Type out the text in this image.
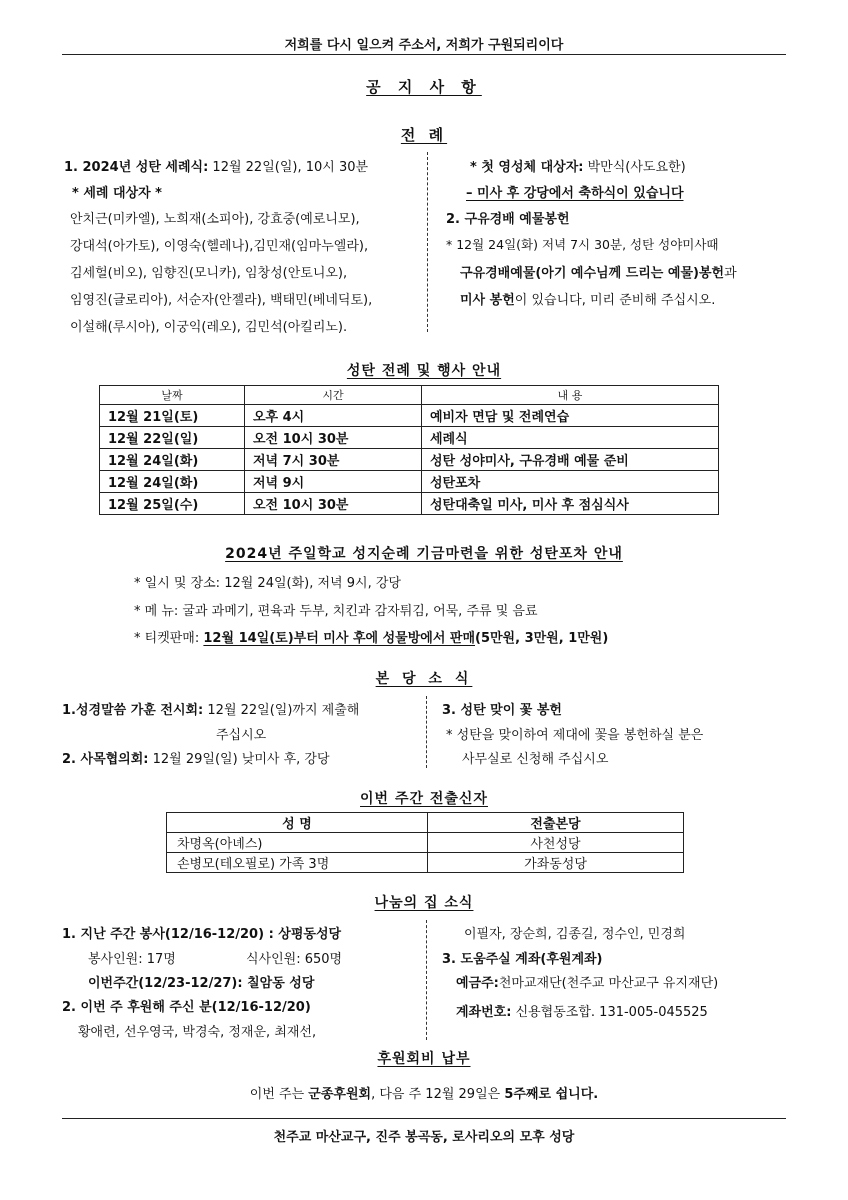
저희를 다시 일으켜 주소서, 저희가 구원되리이다
공 지 사 항
전 례
1. 2024년 성탄 세례식: 12월 22일(일), 10시 30분
* 세례 대상자 *
안치근(미카엘), 노희재(소피아), 강효중(예로니모),
강대석(아가토), 이영숙(헬레나),김민재(임마누엘라),
김세헐(비오), 임향진(모니카), 임창성(안토니오),
임영진(글로리아), 서순자(안젤라), 백태민(베네딕토),
이설해(루시아), 이궁익(레오), 김민석(아킬리노).
* 첫 영성체 대상자: 박만식(사도요한)
– 미사 후 강당에서 축하식이 있습니다
2. 구유경배 예물봉헌
* 12월 24일(화) 저녁 7시 30분, 성탄 성야미사때
구유경배예물(아기 예수님께 드리는 예물)봉헌과
미사 봉헌이 있습니다, 미리 준비해 주십시오.
성탄 전례 및 행사 안내
날짜	시간	내 용
12월 21일(토)	오후 4시	예비자 면담 및 전례연습
12월 22일(일)	오전 10시 30분	세례식
12월 24일(화)	저녁 7시 30분	성탄 성야미사, 구유경배 예물 준비
12월 24일(화)	저녁 9시	성탄포차
12월 25일(수)	오전 10시 30분	성탄대축일 미사, 미사 후 점심식사
2024년 주일학교 성지순례 기금마련을 위한 성탄포차 안내
* 일시 및 장소: 12월 24일(화), 저녁 9시, 강당
* 메 뉴: 굴과 과메기, 편육과 두부, 치킨과 감자튀김, 어묵, 주류 및 음료
* 티켓판매: 12월 14일(토)부터 미사 후에 성물방에서 판매(5만원, 3만원, 1만원)
본 당 소 식
1.성경말씀 가훈 전시회: 12월 22일(일)까지 제출해
주십시오
2. 사목협의회: 12월 29일(일) 낮미사 후, 강당
3. 성탄 맞이 꽃 봉헌
* 성탄을 맞이하여 제대에 꽃을 봉헌하실 분은
사무실로 신청해 주십시오
이번 주간 전출신자
성 명	전출본당
차명옥(아녜스)	사천성당
손병모(테오필로) 가족 3명	가좌동성당
나눔의 집 소식
1. 지난 주간 봉사(12/16-12/20) : 상평동성당
봉사인원: 17명	식사인원: 650명
이번주간(12/23-12/27): 칠암동 성당
2. 이번 주 후원해 주신 분(12/16-12/20)
황애련, 선우영국, 박경숙, 정재운, 최재선,
이필자, 장순희, 김종길, 정수인, 민경희
3. 도움주실 계좌(후원계좌)
예금주:천마교재단(천주교 마산교구 유지재단)
계좌번호: 신용협동조합. 131-005-045525
후원회비 납부
이번 주는 군종후원회, 다음 주 12월 29일은 5주째로 쉽니다.
천주교 마산교구, 진주 봉곡동, 로사리오의 모후 성당
